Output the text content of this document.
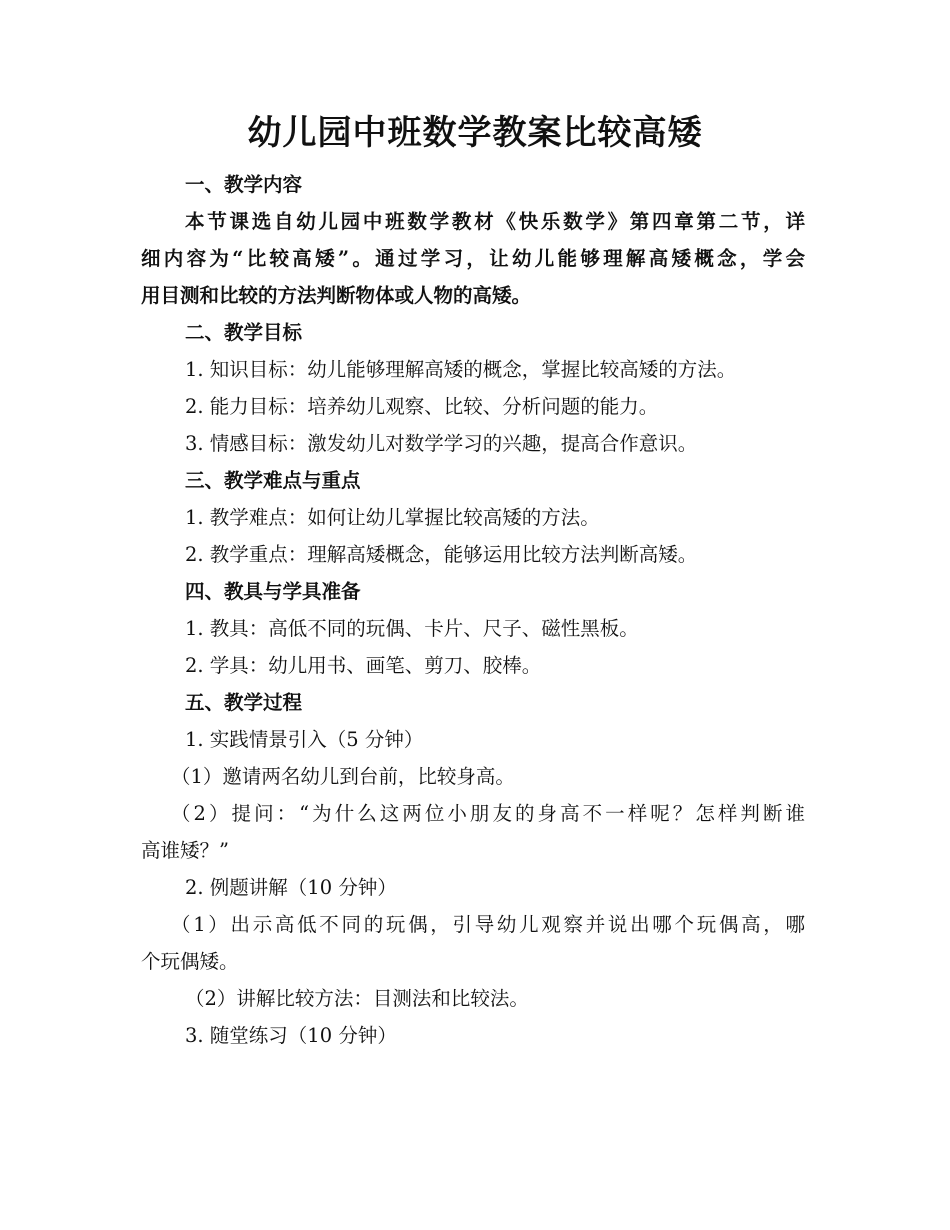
幼儿园中班数学教案比较高矮
一、教学内容
本节课选自幼儿园中班数学教材《快乐数学》第四章第二节，详
细内容为“比较高矮”。通过学习，让幼儿能够理解高矮概念，学会
用目测和比较的方法判断物体或人物的高矮。
二、教学目标
1. 知识目标：幼儿能够理解高矮的概念，掌握比较高矮的方法。
2. 能力目标：培养幼儿观察、比较、分析问题的能力。
3. 情感目标：激发幼儿对数学学习的兴趣，提高合作意识。
三、教学难点与重点
1. 教学难点：如何让幼儿掌握比较高矮的方法。
2. 教学重点：理解高矮概念，能够运用比较方法判断高矮。
四、教具与学具准备
1. 教具：高低不同的玩偶、卡片、尺子、磁性黑板。
2. 学具：幼儿用书、画笔、剪刀、胶棒。
五、教学过程
1. 实践情景引入（5 分钟）
（1）邀请两名幼儿到台前，比较身高。
（2）提问：“为什么这两位小朋友的身高不一样呢？怎样判断谁
高谁矮？”
2. 例题讲解（10 分钟）
（1）出示高低不同的玩偶，引导幼儿观察并说出哪个玩偶高，哪
个玩偶矮。
（2）讲解比较方法：目测法和比较法。
3. 随堂练习（10 分钟）
